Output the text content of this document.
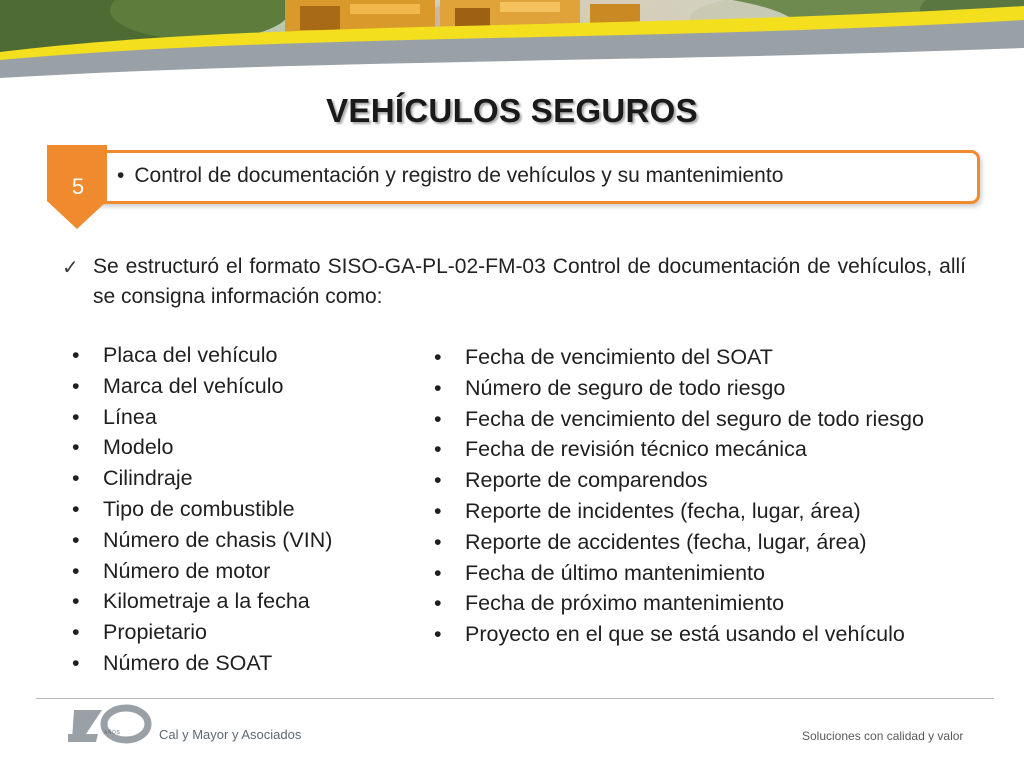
VEHÍCULOS SEGUROS
• Control de documentación y registro de vehículos y su mantenimiento
5
✓ Se estructuró el formato SISO-GA-PL-02-FM-03 Control de documentación de vehículos, allí se consigna información como:
• Placa del vehículo
• Marca del vehículo
• Línea
• Modelo
• Cilindraje
• Tipo de combustible
• Número de chasis (VIN)
• Número de motor
• Kilometraje a la fecha
• Propietario
• Número de SOAT
• Fecha de vencimiento del SOAT
• Número de seguro de todo riesgo
• Fecha de vencimiento del seguro de todo riesgo
• Fecha de revisión técnico mecánica
• Reporte de comparendos
• Reporte de incidentes (fecha, lugar, área)
• Reporte de accidentes (fecha, lugar, área)
• Fecha de último mantenimiento
• Fecha de próximo mantenimiento
• Proyecto en el que se está usando el vehículo
AÑOS	Cal y Mayor y Asociados	Soluciones con calidad y valor
